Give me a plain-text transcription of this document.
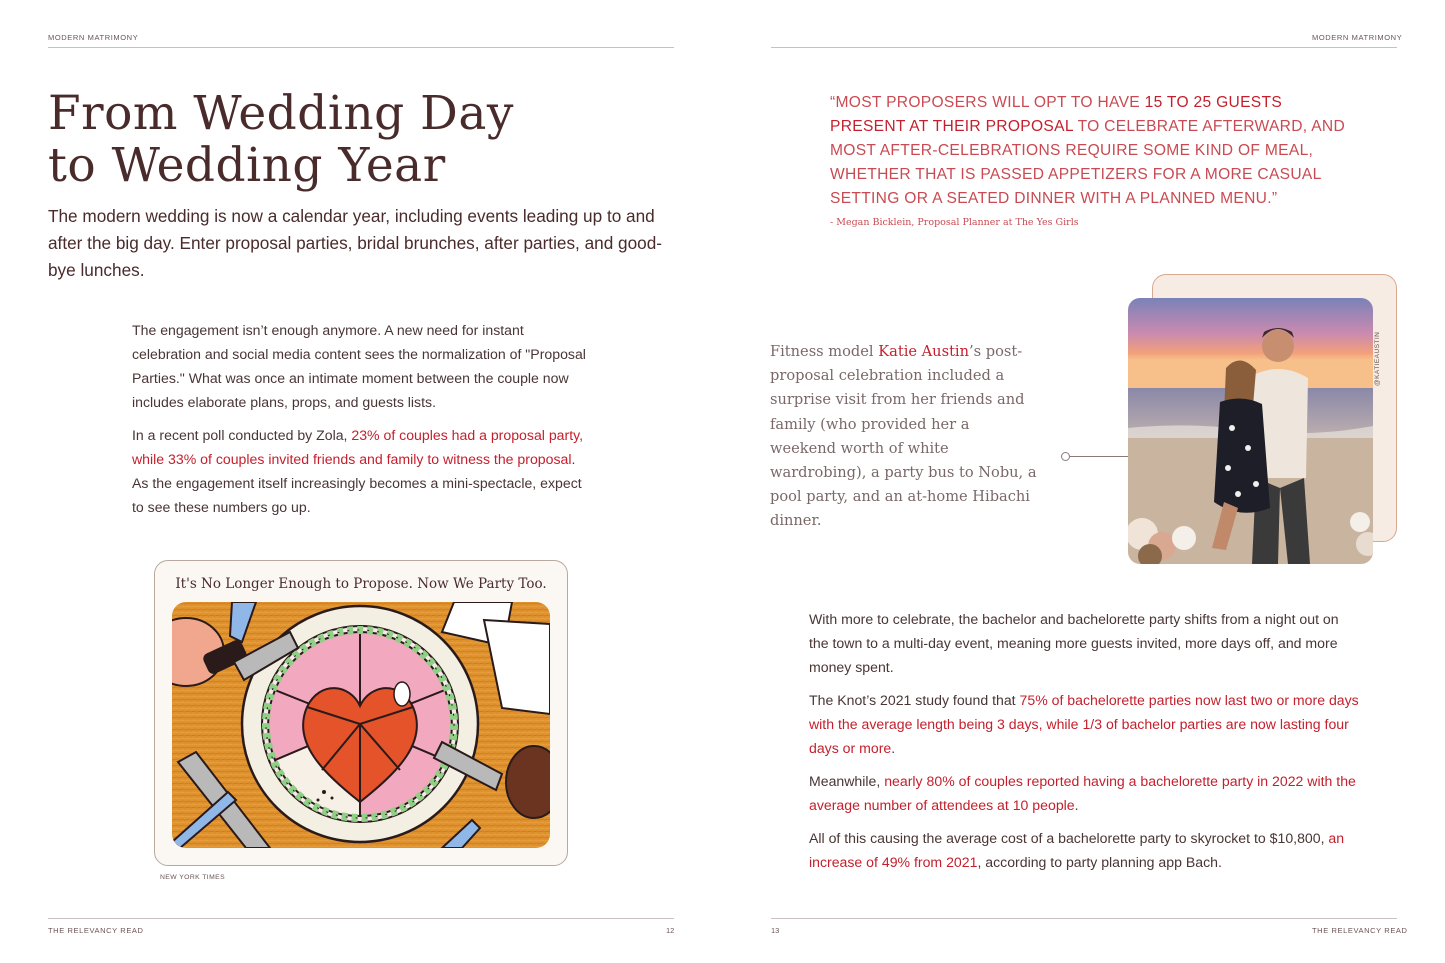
MODERN MATRIMONY
From Wedding Day
to Wedding Year

The modern wedding is now a calendar year, including events leading up to and after the big day. Enter proposal parties, bridal brunches, after parties, and good-bye lunches.

The engagement isn’t enough anymore. A new need for instant celebration and social media content sees the normalization of "Proposal Parties." What was once an intimate moment between the couple now includes elaborate plans, props, and guests lists.

In a recent poll conducted by Zola, 23% of couples had a proposal party, while 33% of couples invited friends and family to witness the proposal. As the engagement itself increasingly becomes a mini-spectacle, expect to see these numbers go up.

It's No Longer Enough to Propose. Now We Party Too.
NEW YORK TIMES
THE RELEVANCY READ	12
MODERN MATRIMONY

“MOST PROPOSERS WILL OPT TO HAVE 15 TO 25 GUESTS PRESENT AT THEIR PROPOSAL TO CELEBRATE AFTERWARD, AND MOST AFTER-CELEBRATIONS REQUIRE SOME KIND OF MEAL, WHETHER THAT IS PASSED APPETIZERS FOR A MORE CASUAL SETTING OR A SEATED DINNER WITH A PLANNED MENU.”

- Megan Bicklein, Proposal Planner at The Yes Girls

Fitness model Katie Austin’s post-proposal celebration included a surprise visit from her friends and family (who provided her a weekend worth of white wardrobing), a party bus to Nobu, a pool party, and an at-home Hibachi dinner.

@KATIEAUSTIN

With more to celebrate, the bachelor and bachelorette party shifts from a night out on the town to a multi-day event, meaning more guests invited, more days off, and more money spent.

The Knot’s 2021 study found that 75% of bachelorette parties now last two or more days with the average length being 3 days, while 1/3 of bachelor parties are now lasting four days or more.

Meanwhile, nearly 80% of couples reported having a bachelorette party in 2022 with the average number of attendees at 10 people.

All of this causing the average cost of a bachelorette party to skyrocket to $10,800, an increase of 49% from 2021, according to party planning app Bach.

13	THE RELEVANCY READ
